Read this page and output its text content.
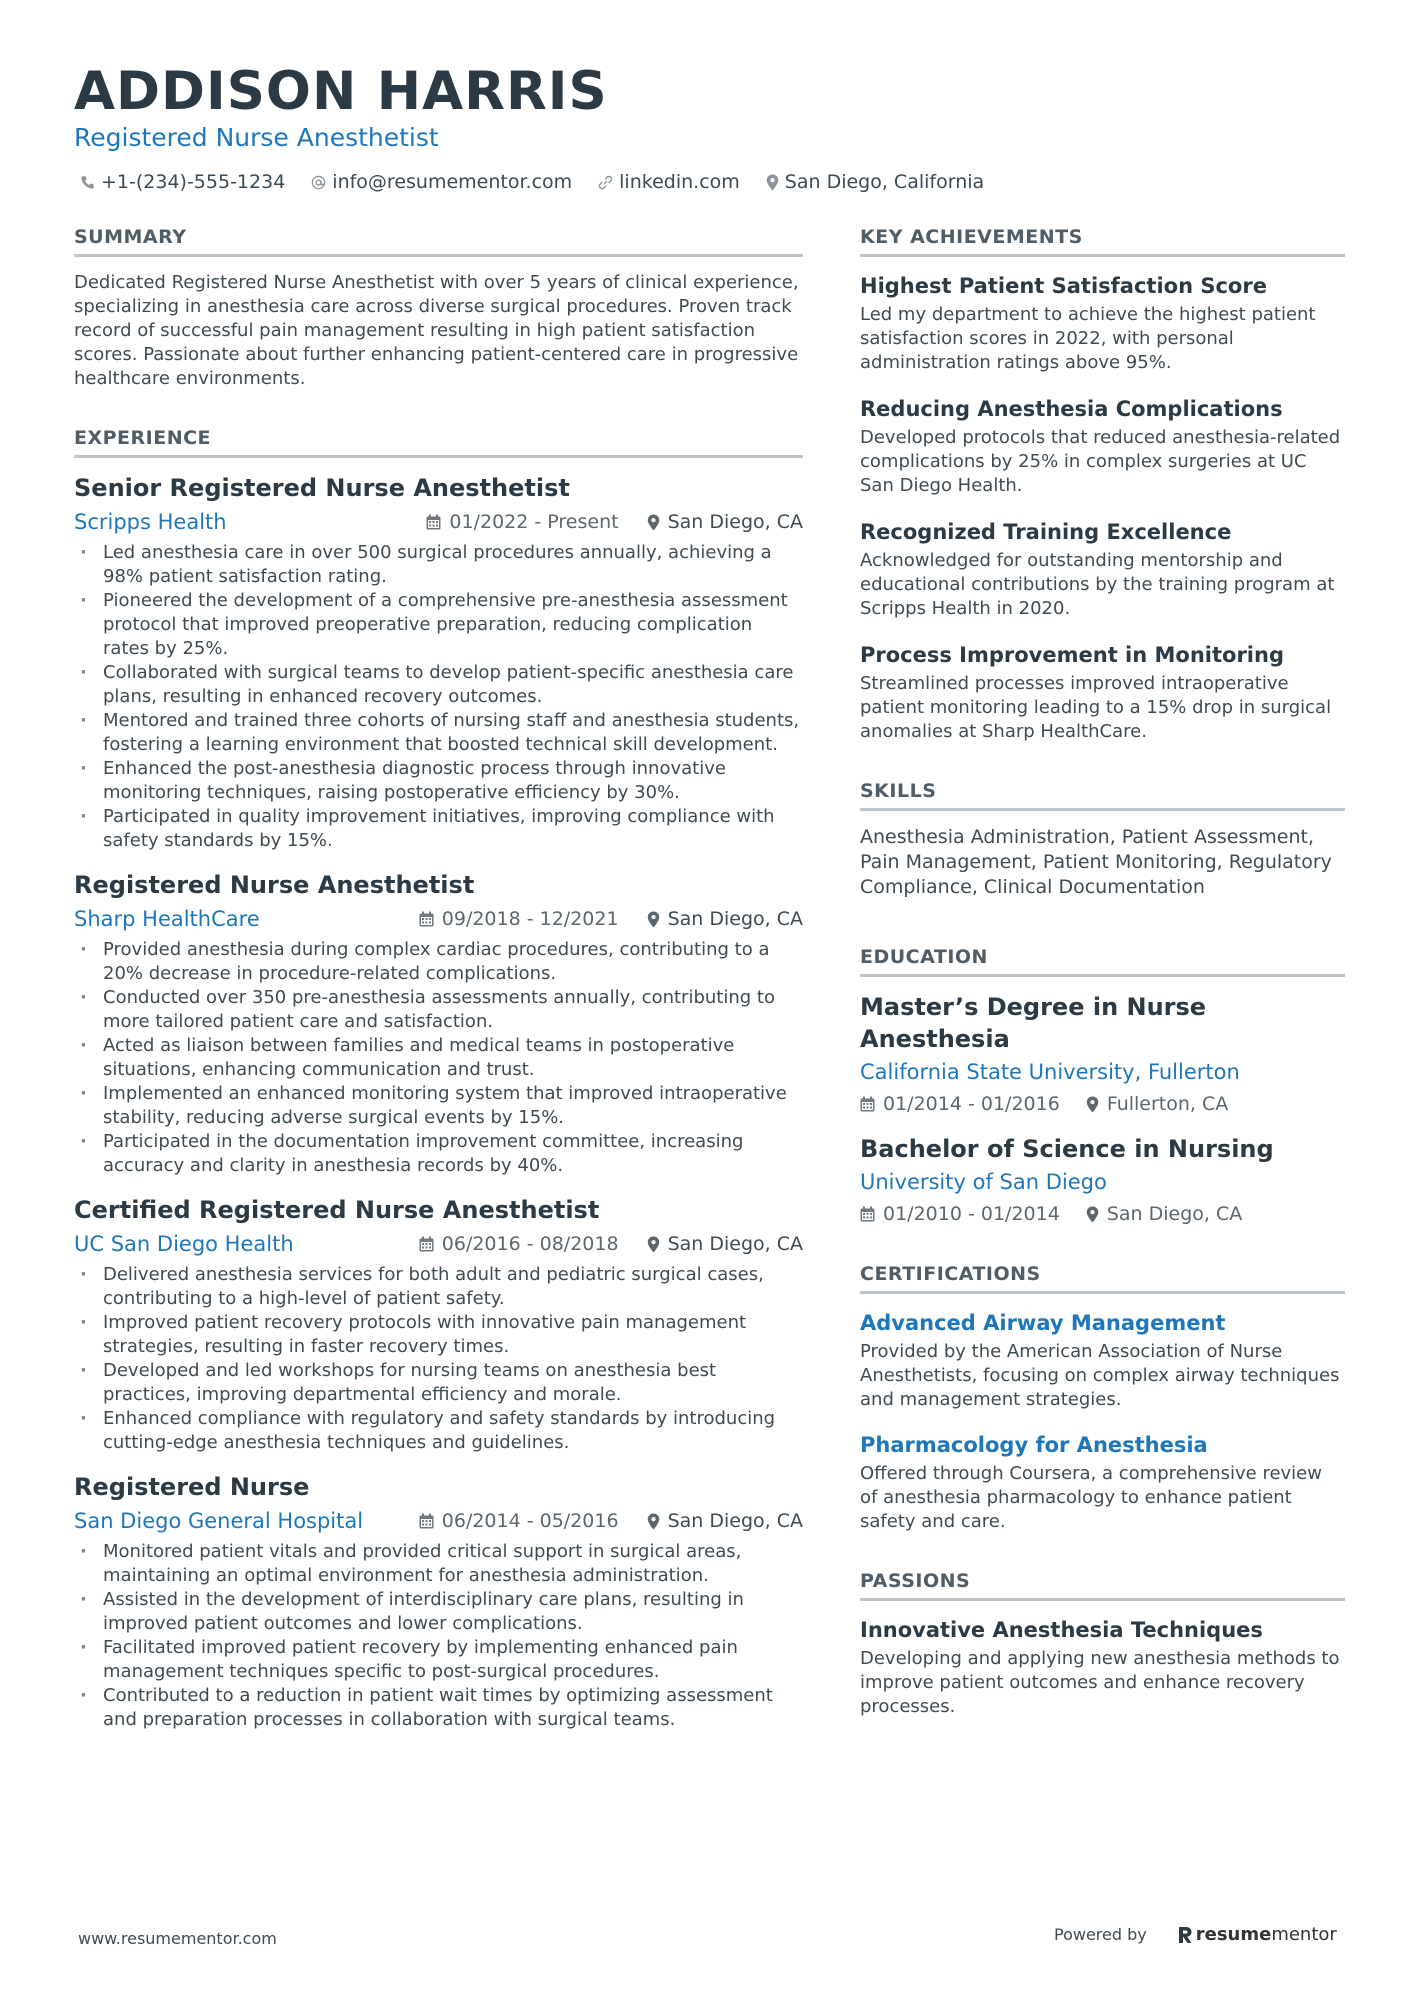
ADDISON HARRIS
Registered Nurse Anesthetist
+1-(234)-555-1234 info@resumementor.com linkedin.com San Diego, California
SUMMARY

Dedicated Registered Nurse Anesthetist with over 5 years of clinical experience, specializing in anesthesia care across diverse surgical procedures. Proven track record of successful pain management resulting in high patient satisfaction scores. Passionate about further enhancing patient-centered care in progressive healthcare environments.

EXPERIENCE
Senior Registered Nurse Anesthetist
Scripps Health	01/2022 - Present	San Diego, CA
· Led anesthesia care in over 500 surgical procedures annually, achieving a 98% patient satisfaction rating.
· Pioneered the development of a comprehensive pre-anesthesia assessment protocol that improved preoperative preparation, reducing complication rates by 25%.
· Collaborated with surgical teams to develop patient-specific anesthesia care plans, resulting in enhanced recovery outcomes.
· Mentored and trained three cohorts of nursing staff and anesthesia students, fostering a learning environment that boosted technical skill development.
· Enhanced the post-anesthesia diagnostic process through innovative monitoring techniques, raising postoperative efficiency by 30%.
· Participated in quality improvement initiatives, improving compliance with safety standards by 15%.
Registered Nurse Anesthetist
Sharp HealthCare	09/2018 - 12/2021	San Diego, CA
· Provided anesthesia during complex cardiac procedures, contributing to a 20% decrease in procedure-related complications.
· Conducted over 350 pre-anesthesia assessments annually, contributing to more tailored patient care and satisfaction.
· Acted as liaison between families and medical teams in postoperative situations, enhancing communication and trust.
· Implemented an enhanced monitoring system that improved intraoperative stability, reducing adverse surgical events by 15%.
· Participated in the documentation improvement committee, increasing accuracy and clarity in anesthesia records by 40%.
Certified Registered Nurse Anesthetist
UC San Diego Health	06/2016 - 08/2018	San Diego, CA
· Delivered anesthesia services for both adult and pediatric surgical cases, contributing to a high-level of patient safety.
· Improved patient recovery protocols with innovative pain management strategies, resulting in faster recovery times.
· Developed and led workshops for nursing teams on anesthesia best practices, improving departmental efficiency and morale.
· Enhanced compliance with regulatory and safety standards by introducing cutting-edge anesthesia techniques and guidelines.
Registered Nurse
San Diego General Hospital	06/2014 - 05/2016	San Diego, CA
· Monitored patient vitals and provided critical support in surgical areas, maintaining an optimal environment for anesthesia administration.
· Assisted in the development of interdisciplinary care plans, resulting in improved patient outcomes and lower complications.
· Facilitated improved patient recovery by implementing enhanced pain management techniques specific to post-surgical procedures.
· Contributed to a reduction in patient wait times by optimizing assessment and preparation processes in collaboration with surgical teams.
KEY ACHIEVEMENTS
Highest Patient Satisfaction Score

Led my department to achieve the highest patient satisfaction scores in 2022, with personal administration ratings above 95%.

Reducing Anesthesia Complications

Developed protocols that reduced anesthesia-related complications by 25% in complex surgeries at UC San Diego Health.

Recognized Training Excellence

Acknowledged for outstanding mentorship and educational contributions by the training program at Scripps Health in 2020.

Process Improvement in Monitoring

Streamlined processes improved intraoperative patient monitoring leading to a 15% drop in surgical anomalies at Sharp HealthCare.

SKILLS

Anesthesia Administration, Patient Assessment, Pain Management, Patient Monitoring, Regulatory Compliance, Clinical Documentation

EDUCATION
Master’s Degree in Nurse Anesthesia
California State University, Fullerton
01/2014 - 01/2016 Fullerton, CA
Bachelor of Science in Nursing
University of San Diego
01/2010 - 01/2014 San Diego, CA
CERTIFICATIONS
Advanced Airway Management

Provided by the American Association of Nurse Anesthetists, focusing on complex airway techniques and management strategies.

Pharmacology for Anesthesia

Offered through Coursera, a comprehensive review of anesthesia pharmacology to enhance patient safety and care.

PASSIONS
Innovative Anesthesia Techniques

Developing and applying new anesthesia methods to improve patient outcomes and enhance recovery processes.

www.resumementor.com	Powered by	resume mentor
